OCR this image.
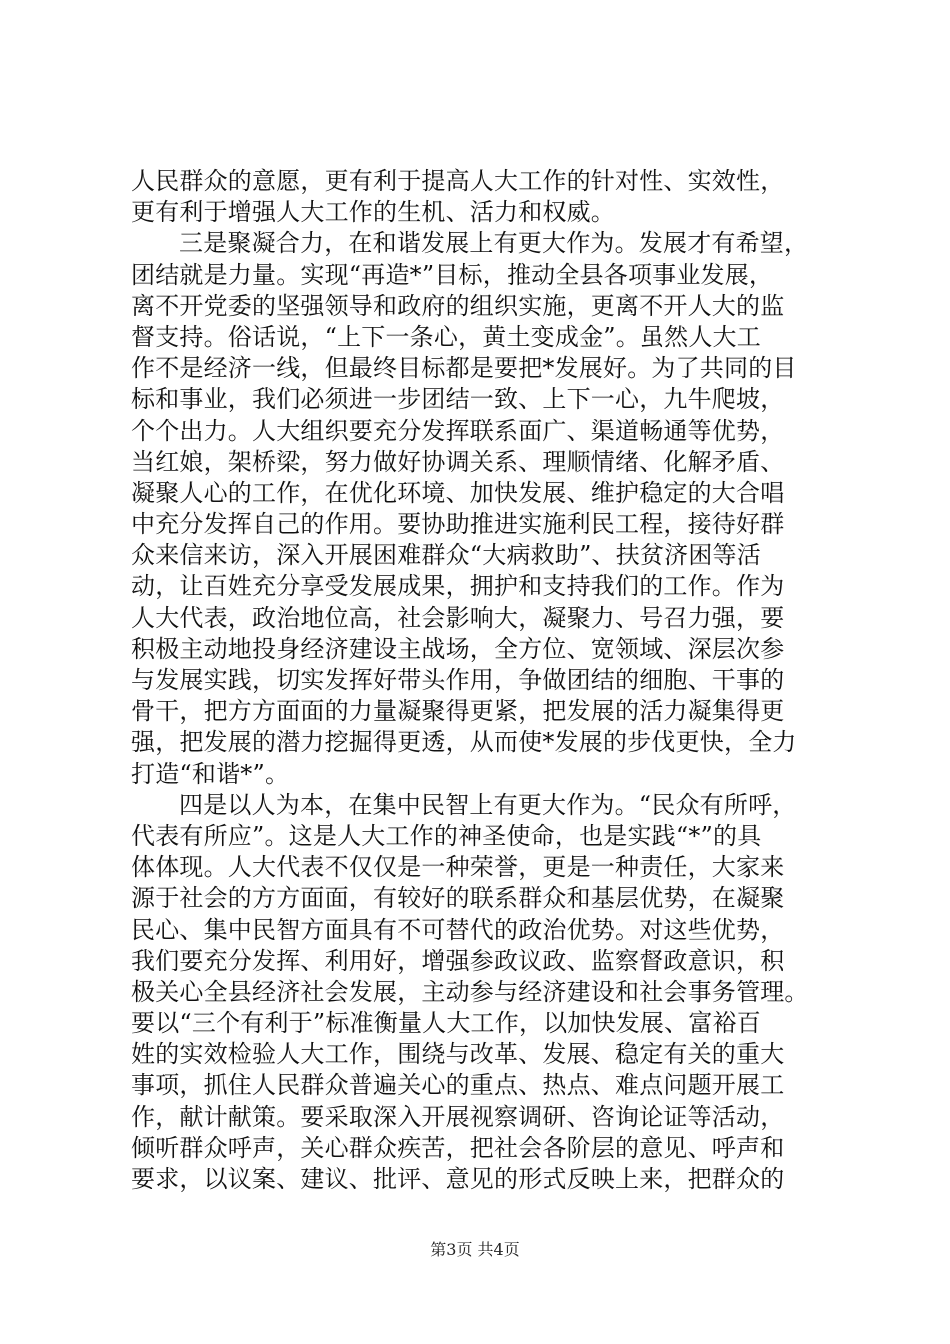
人民群众的意愿，更有利于提高人大工作的针对性、实效性，
更有利于增强人大工作的生机、活力和权威。
三是聚凝合力，在和谐发展上有更大作为。发展才有希望，
团结就是力量。实现“再造*”目标，推动全县各项事业发展，
离不开党委的坚强领导和政府的组织实施，更离不开人大的监
督支持。俗话说，“上下一条心，黄土变成金”。虽然人大工
作不是经济一线，但最终目标都是要把*发展好。为了共同的目
标和事业，我们必须进一步团结一致、上下一心，九牛爬坡，
个个出力。人大组织要充分发挥联系面广、渠道畅通等优势，
当红娘，架桥梁，努力做好协调关系、理顺情绪、化解矛盾、
凝聚人心的工作，在优化环境、加快发展、维护稳定的大合唱
中充分发挥自己的作用。要协助推进实施利民工程，接待好群
众来信来访，深入开展困难群众“大病救助”、扶贫济困等活
动，让百姓充分享受发展成果，拥护和支持我们的工作。作为
人大代表，政治地位高，社会影响大，凝聚力、号召力强，要
积极主动地投身经济建设主战场，全方位、宽领域、深层次参
与发展实践，切实发挥好带头作用，争做团结的细胞、干事的
骨干，把方方面面的力量凝聚得更紧，把发展的活力凝集得更
强，把发展的潜力挖掘得更透，从而使*发展的步伐更快，全力
打造“和谐*”。
四是以人为本，在集中民智上有更大作为。“民众有所呼，
代表有所应”。这是人大工作的神圣使命，也是实践“*”的具
体体现。人大代表不仅仅是一种荣誉，更是一种责任，大家来
源于社会的方方面面，有较好的联系群众和基层优势，在凝聚
民心、集中民智方面具有不可替代的政治优势。对这些优势，
我们要充分发挥、利用好，增强参政议政、监察督政意识，积
极关心全县经济社会发展，主动参与经济建设和社会事务管理。
要以“三个有利于”标准衡量人大工作，以加快发展、富裕百
姓的实效检验人大工作，围绕与改革、发展、稳定有关的重大
事项，抓住人民群众普遍关心的重点、热点、难点问题开展工
作，献计献策。要采取深入开展视察调研、咨询论证等活动，
倾听群众呼声，关心群众疾苦，把社会各阶层的意见、呼声和
要求，以议案、建议、批评、意见的形式反映上来，把群众的
第3页 共4页
